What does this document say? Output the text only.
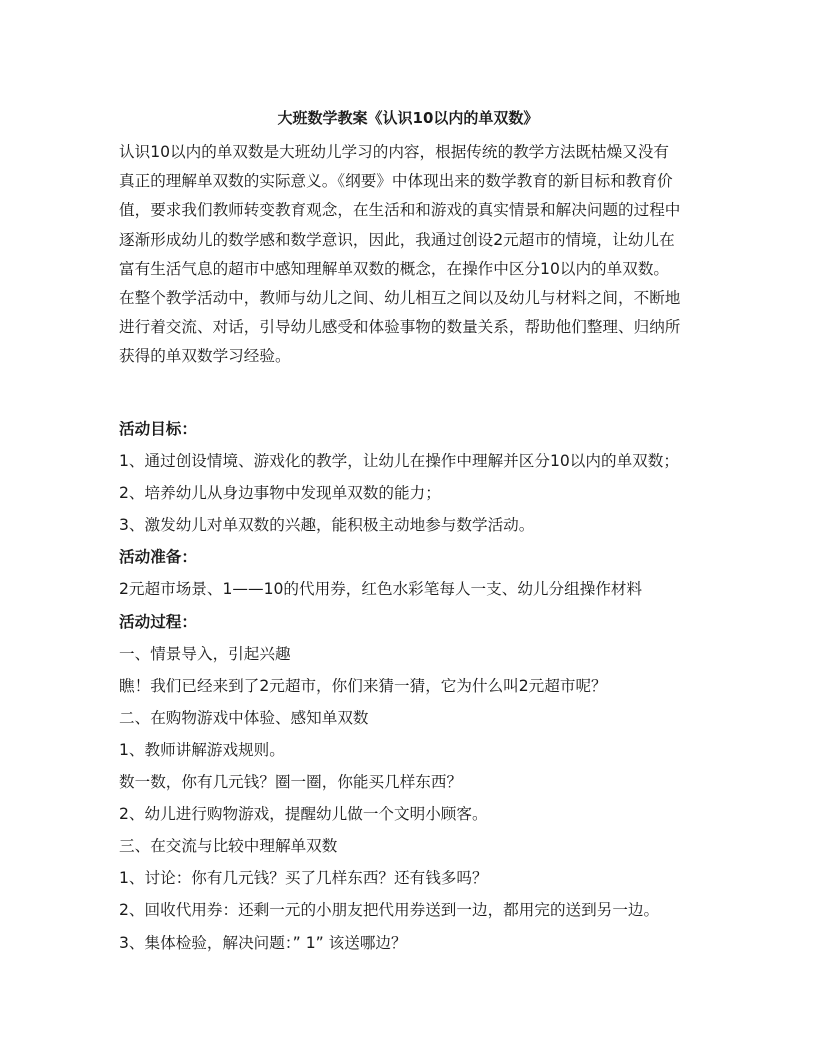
大班数学教案《认识10以内的单双数》
认识10以内的单双数是大班幼儿学习的内容，根据传统的教学方法既枯燥又没有
真正的理解单双数的实际意义。《纲要》中体现出来的数学教育的新目标和教育价
值，要求我们教师转变教育观念，在生活和和游戏的真实情景和解决问题的过程中
逐渐形成幼儿的数学感和数学意识，因此，我通过创设2元超市的情境，让幼儿在
富有生活气息的超市中感知理解单双数的概念，在操作中区分10以内的单双数。
在整个教学活动中，教师与幼儿之间、幼儿相互之间以及幼儿与材料之间，不断地
进行着交流、对话，引导幼儿感受和体验事物的数量关系，帮助他们整理、归纳所
获得的单双数学习经验。
活动目标：
1、通过创设情境、游戏化的教学，让幼儿在操作中理解并区分10以内的单双数；
2、培养幼儿从身边事物中发现单双数的能力；
3、激发幼儿对单双数的兴趣，能积极主动地参与数学活动。
活动准备：
2元超市场景、1——10的代用券，红色水彩笔每人一支、幼儿分组操作材料
活动过程：
一、情景导入，引起兴趣
瞧！我们已经来到了2元超市，你们来猜一猜，它为什么叫2元超市呢？
二、在购物游戏中体验、感知单双数
1、教师讲解游戏规则。
数一数，你有几元钱？圈一圈，你能买几样东西？
2、幼儿进行购物游戏，提醒幼儿做一个文明小顾客。
三、在交流与比较中理解单双数
1、讨论：你有几元钱？买了几样东西？还有钱多吗？
2、回收代用券：还剩一元的小朋友把代用券送到一边，都用完的送到另一边。
3、集体检验，解决问题：” 1” 该送哪边？
